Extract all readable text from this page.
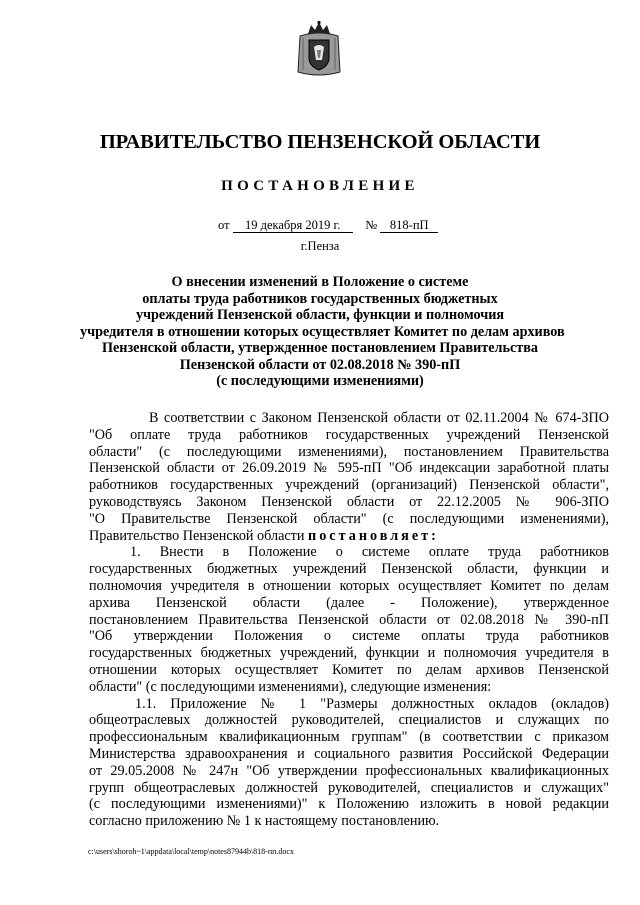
ПРАВИТЕЛЬСТВО ПЕНЗЕНСКОЙ ОБЛАСТИ
ПОСТАНОВЛЕНИЕ
от 19 декабря 2019 г. № 818-пП
г.Пенза
О внесении изменений в Положение о системе
оплаты труда работников государственных бюджетных
учреждений Пензенской области, функции и полномочия
учредителя в отношении которых осуществляет Комитет по делам архивов
Пензенской области, утвержденное постановлением Правительства
Пензенской области от 02.08.2018 № 390-пП
(с последующими изменениями)
В соответствии с Законом Пензенской области от 02.11.2004 № 674-ЗПО
"Об оплате труда работников государственных учреждений Пензенской
области" (с последующими изменениями), постановлением Правительства
Пензенской области от 26.09.2019 № 595-пП "Об индексации заработной платы
работников государственных учреждений (организаций) Пензенской области",
руководствуясь Законом Пензенской области от 22.12.2005 № 906-ЗПО
"О Правительстве Пензенской области" (с последующими изменениями),
Правительство Пензенской области постановляет:
1. Внести в Положение о системе оплате труда работников
государственных бюджетных учреждений Пензенской области, функции и
полномочия учредителя в отношении которых осуществляет Комитет по делам
архива Пензенской области (далее - Положение), утвержденное
постановлением Правительства Пензенской области от 02.08.2018 № 390-пП
"Об утверждении Положения о системе оплаты труда работников
государственных бюджетных учреждений, функции и полномочия учредителя в
отношении которых осуществляет Комитет по делам архивов Пензенской
области" (с последующими изменениями), следующие изменения:
1.1. Приложение № 1 "Размеры должностных окладов (окладов)
общеотраслевых должностей руководителей, специалистов и служащих по
профессиональным квалификационным группам" (в соответствии с приказом
Министерства здравоохранения и социального развития Российской Федерации
от 29.05.2008 № 247н "Об утверждении профессиональных квалификационных
групп общеотраслевых должностей руководителей, специалистов и служащих"
(с последующими изменениями)" к Положению изложить в новой редакции
согласно приложению № 1 к настоящему постановлению.
c:\users\shoroh~1\appdata\local\temp\notes87944b\818-пп.docx
